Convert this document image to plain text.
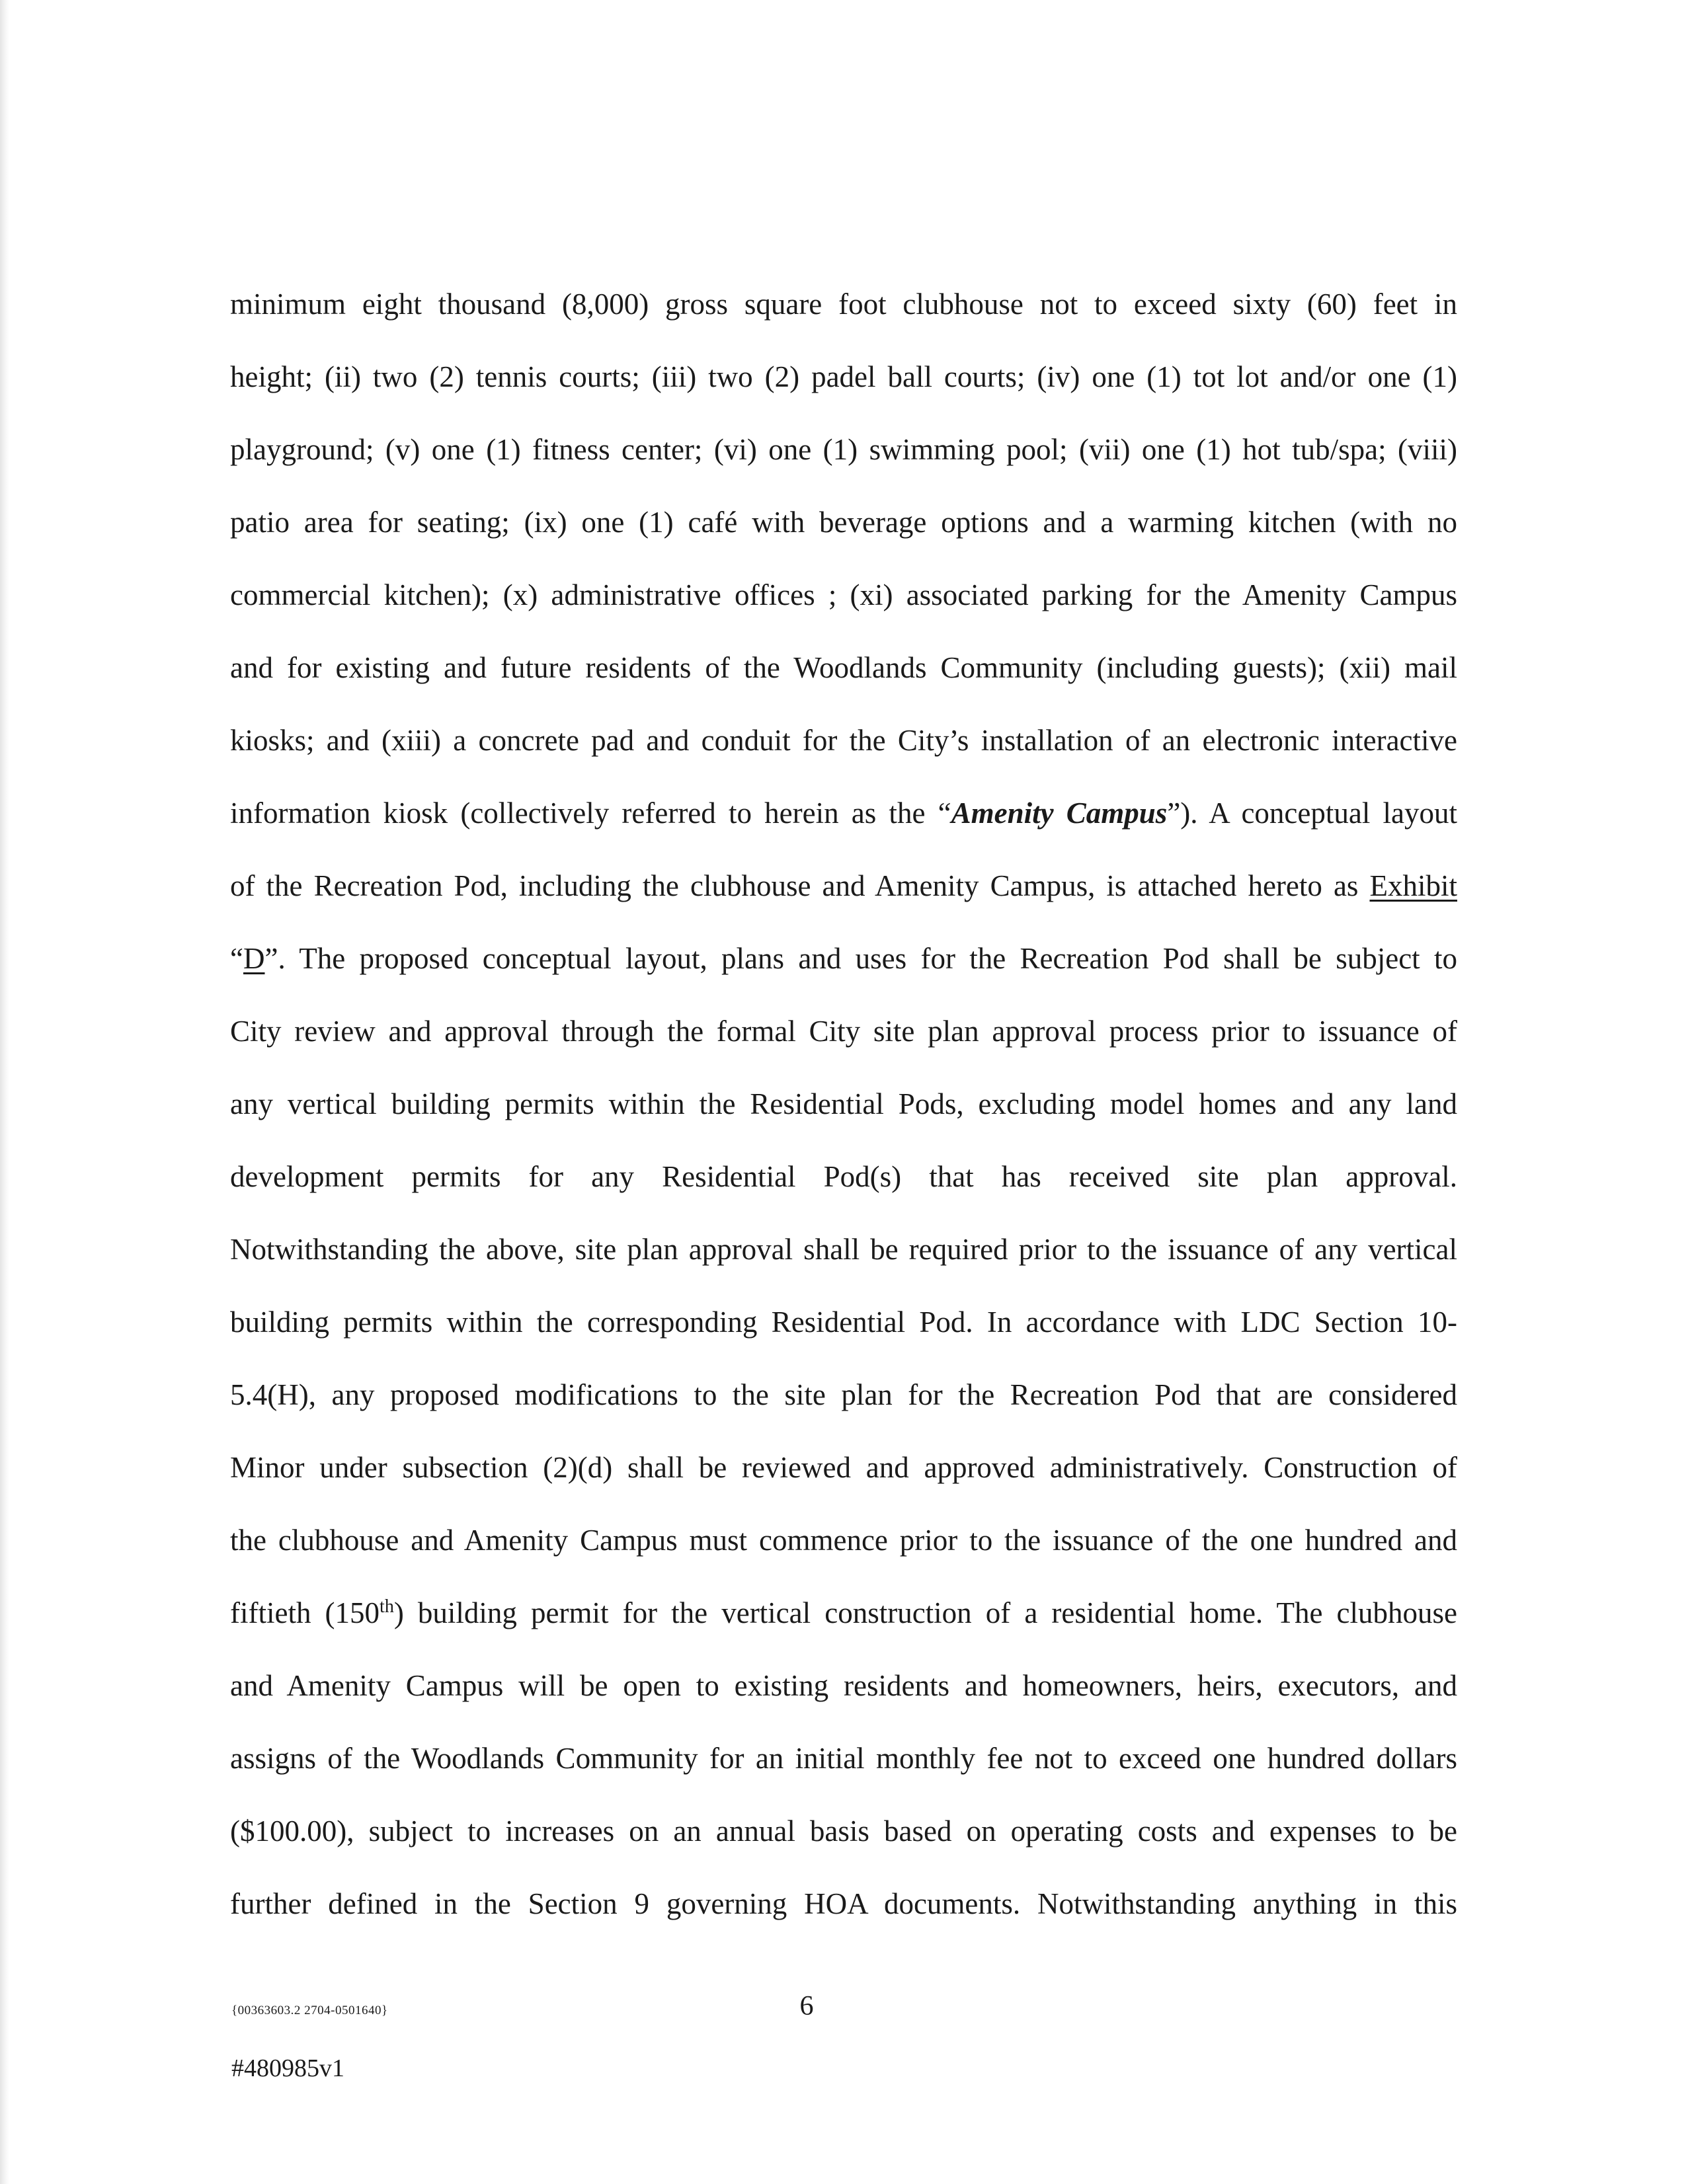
minimum eight thousand (8,000) gross square foot clubhouse not to exceed sixty (60) feet in
height; (ii) two (2) tennis courts; (iii) two (2) padel ball courts; (iv) one (1) tot lot and/or one (1)
playground; (v) one (1) fitness center; (vi) one (1) swimming pool; (vii) one (1) hot tub/spa; (viii)
patio area for seating; (ix) one (1) café with beverage options and a warming kitchen (with no
commercial kitchen); (x) administrative offices ; (xi) associated parking for the Amenity Campus
and for existing and future residents of the Woodlands Community (including guests); (xii) mail
kiosks; and (xiii) a concrete pad and conduit for the City’s installation of an electronic interactive
information kiosk (collectively referred to herein as the “Amenity Campus”). A conceptual layout
of the Recreation Pod, including the clubhouse and Amenity Campus, is attached hereto as Exhibit
“D”. The proposed conceptual layout, plans and uses for the Recreation Pod shall be subject to
City review and approval through the formal City site plan approval process prior to issuance of
any vertical building permits within the Residential Pods, excluding model homes and any land
development permits for any Residential Pod(s) that has received site plan approval.
Notwithstanding the above, site plan approval shall be required prior to the issuance of any vertical
building permits within the corresponding Residential Pod. In accordance with LDC Section 10-
5.4(H), any proposed modifications to the site plan for the Recreation Pod that are considered
Minor under subsection (2)(d) shall be reviewed and approved administratively. Construction of
the clubhouse and Amenity Campus must commence prior to the issuance of the one hundred and
fiftieth (150th) building permit for the vertical construction of a residential home. The clubhouse
and Amenity Campus will be open to existing residents and homeowners, heirs, executors, and
assigns of the Woodlands Community for an initial monthly fee not to exceed one hundred dollars
($100.00), subject to increases on an annual basis based on operating costs and expenses to be
further defined in the Section 9 governing HOA documents. Notwithstanding anything in this
{00363603.2 2704-0501640}	6
#480985v1
